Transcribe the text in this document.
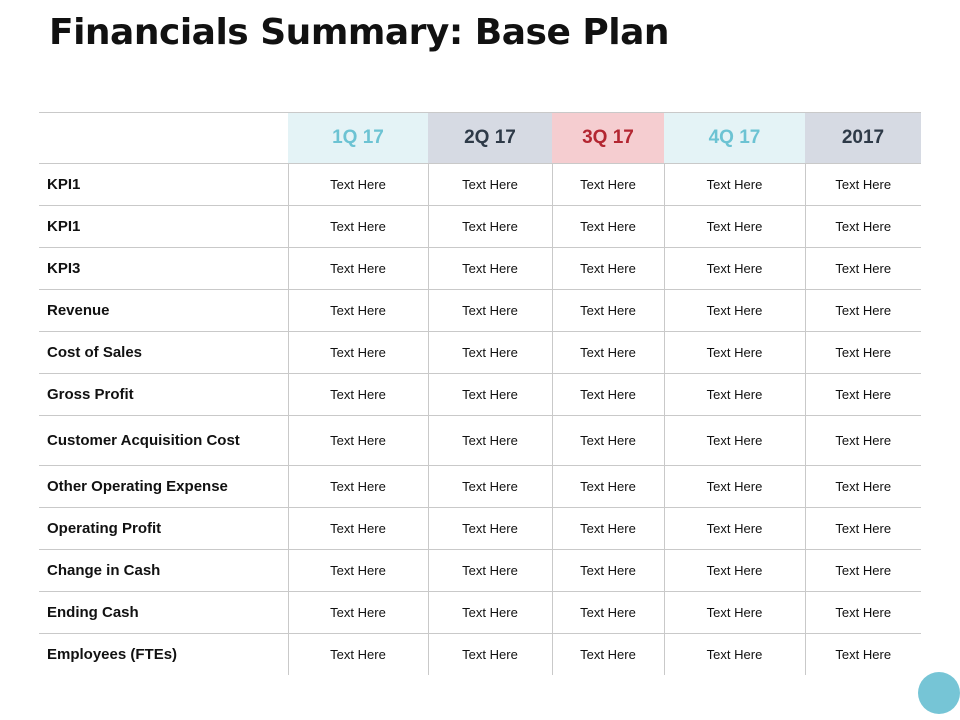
Financials Summary: Base Plan
	1Q 17	2Q 17	3Q 17	4Q 17	2017
KPI1	Text Here	Text Here	Text Here	Text Here	Text Here
KPI1	Text Here	Text Here	Text Here	Text Here	Text Here
KPI3	Text Here	Text Here	Text Here	Text Here	Text Here
Revenue	Text Here	Text Here	Text Here	Text Here	Text Here
Cost of Sales	Text Here	Text Here	Text Here	Text Here	Text Here
Gross Profit	Text Here	Text Here	Text Here	Text Here	Text Here
Customer Acquisition Cost	Text Here	Text Here	Text Here	Text Here	Text Here
Other Operating Expense	Text Here	Text Here	Text Here	Text Here	Text Here
Operating Profit	Text Here	Text Here	Text Here	Text Here	Text Here
Change in Cash	Text Here	Text Here	Text Here	Text Here	Text Here
Ending Cash	Text Here	Text Here	Text Here	Text Here	Text Here
Employees (FTEs)	Text Here	Text Here	Text Here	Text Here	Text Here
